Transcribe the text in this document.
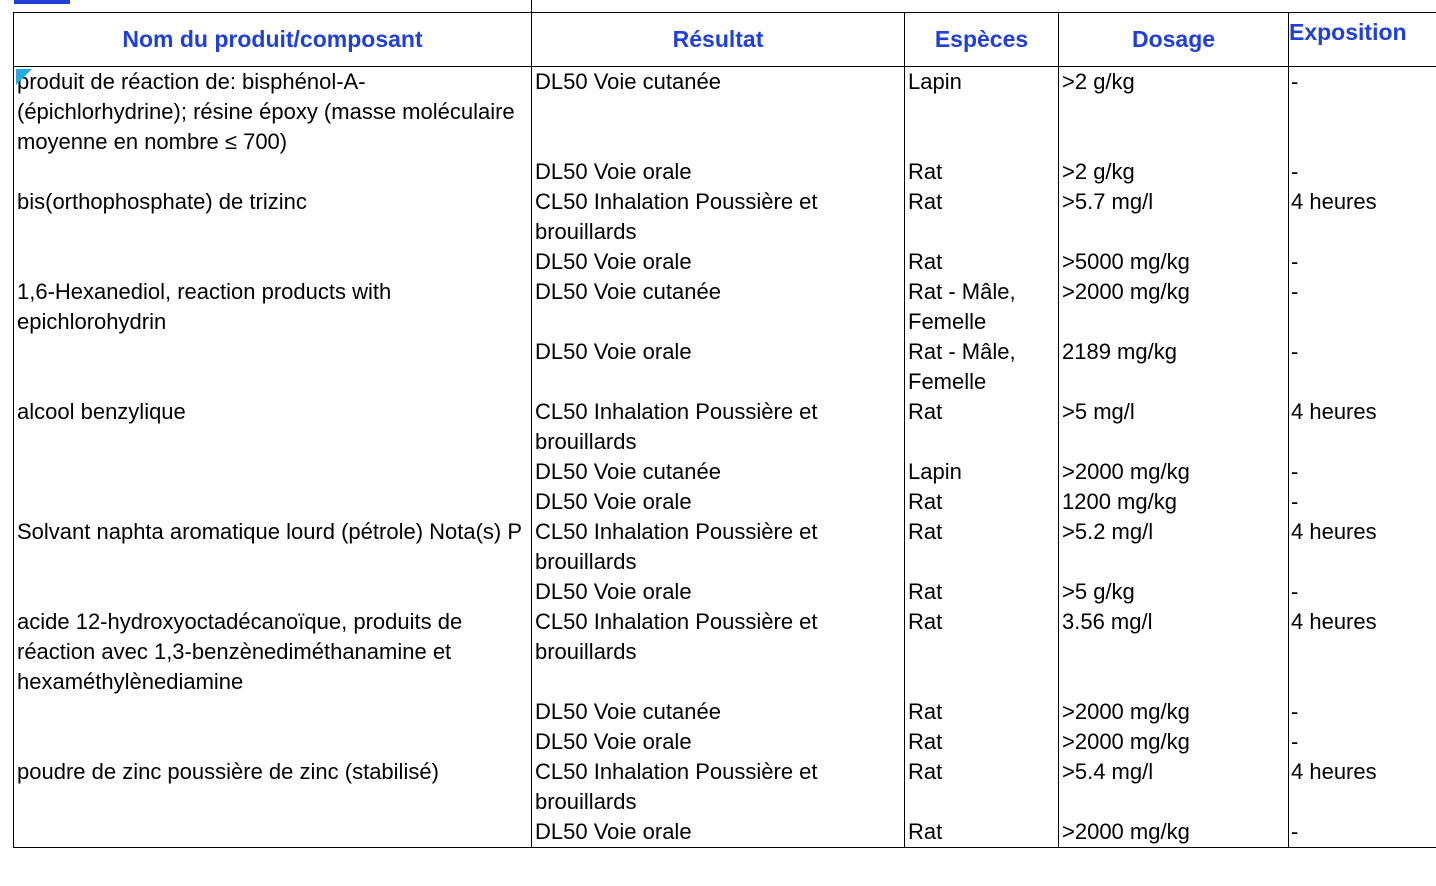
Nom du produit/composant	Résultat	Espèces	Dosage	Exposition
produit de réaction de: bisphénol-A-(épichlorhydrine); résine époxy (masse moléculaire moyenne en nombre ≤ 700)	DL50 Voie cutanée	Lapin	>2 g/kg	-
	DL50 Voie orale	Rat	>2 g/kg	-
bis(orthophosphate) de trizinc	CL50 Inhalation Poussière et brouillards	Rat	>5.7 mg/l	4 heures
	DL50 Voie orale	Rat	>5000 mg/kg	-
1,6-Hexanediol, reaction products with epichlorohydrin	DL50 Voie cutanée	Rat - Mâle, Femelle	>2000 mg/kg	-
	DL50 Voie orale	Rat - Mâle, Femelle	2189 mg/kg	-
alcool benzylique	CL50 Inhalation Poussière et brouillards	Rat	>5 mg/l	4 heures
	DL50 Voie cutanée	Lapin	>2000 mg/kg	-
	DL50 Voie orale	Rat	1200 mg/kg	-
Solvant naphta aromatique lourd (pétrole) Nota(s) P	CL50 Inhalation Poussière et brouillards	Rat	>5.2 mg/l	4 heures
	DL50 Voie orale	Rat	>5 g/kg	-
acide 12-hydroxyoctadécanoïque, produits de réaction avec 1,3-benzènediméthanamine et hexaméthylènediamine	CL50 Inhalation Poussière et brouillards	Rat	3.56 mg/l	4 heures
	DL50 Voie cutanée	Rat	>2000 mg/kg	-
	DL50 Voie orale	Rat	>2000 mg/kg	-
poudre de zinc poussière de zinc (stabilisé)	CL50 Inhalation Poussière et brouillards	Rat	>5.4 mg/l	4 heures
	DL50 Voie orale	Rat	>2000 mg/kg	-
